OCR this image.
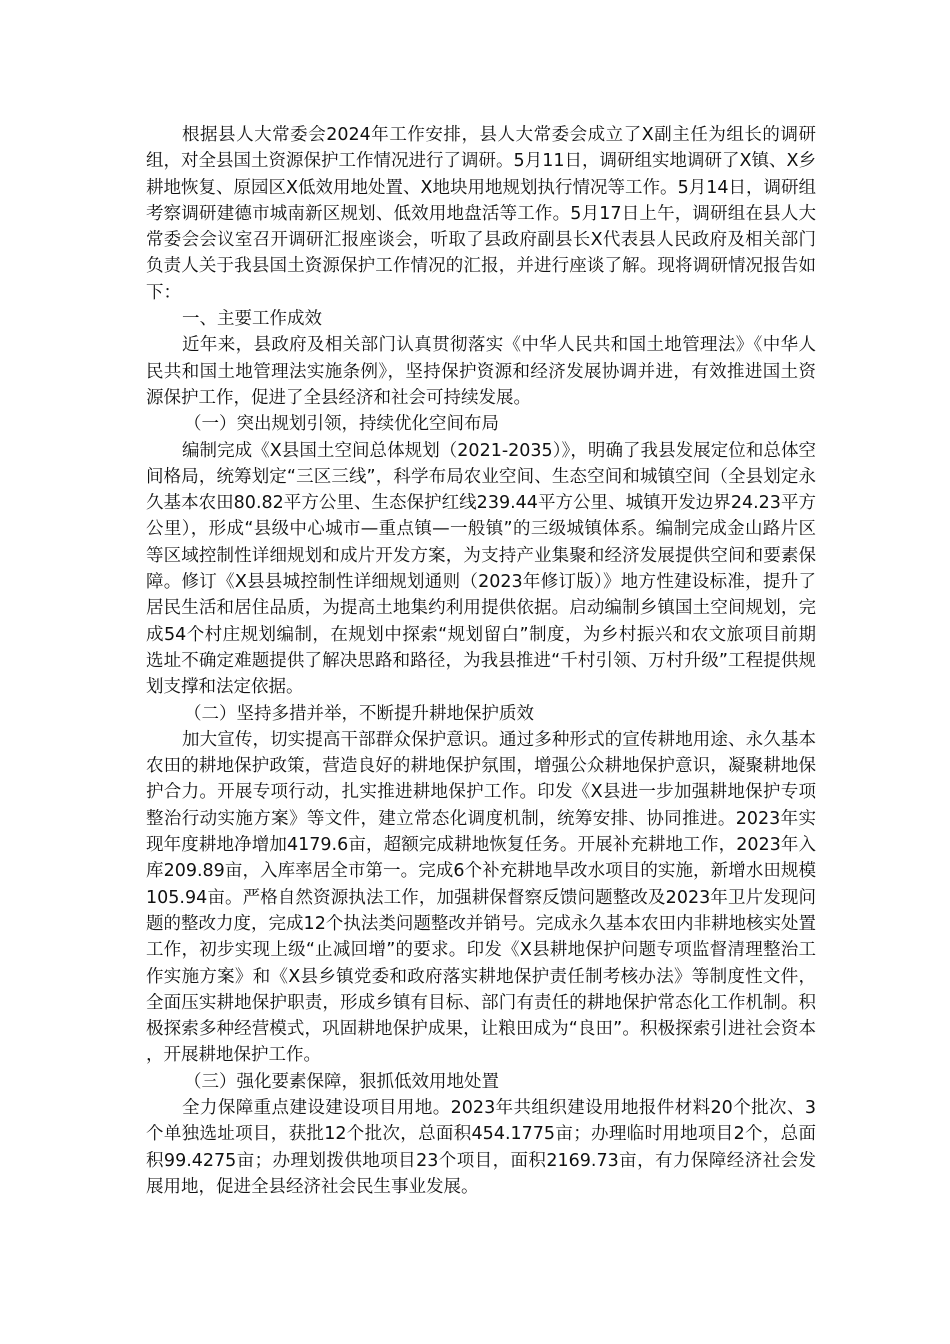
根据县人大常委会2024年工作安排，县人大常委会成立了X副主任为组长的调研组，对全县国土资源保护工作情况进行了调研。5月11日，调研组实地调研了X镇、X乡耕地恢复、原园区X低效用地处置、X地块用地规划执行情况等工作。5月14日，调研组考察调研建德市城南新区规划、低效用地盘活等工作。5月17日上午，调研组在县人大常委会会议室召开调研汇报座谈会，听取了县政府副县长X代表县人民政府及相关部门负责人关于我县国土资源保护工作情况的汇报，并进行座谈了解。现将调研情况报告如下：

一、主要工作成效

近年来，县政府及相关部门认真贯彻落实《中华人民共和国土地管理法》《中华人民共和国土地管理法实施条例》，坚持保护资源和经济发展协调并进，有效推进国土资源保护工作，促进了全县经济和社会可持续发展。

（一）突出规划引领，持续优化空间布局

编制完成《X县国土空间总体规划（2021-2035）》，明确了我县发展定位和总体空间格局，统筹划定“三区三线”，科学布局农业空间、生态空间和城镇空间（全县划定永久基本农田80.82平方公里、生态保护红线239.44平方公里、城镇开发边界24.23平方公里），形成“县级中心城市—重点镇—一般镇”的三级城镇体系。编制完成金山路片区等区域控制性详细规划和成片开发方案，为支持产业集聚和经济发展提供空间和要素保障。修订《X县县城控制性详细规划通则（2023年修订版）》地方性建设标准，提升了居民生活和居住品质，为提高土地集约利用提供依据。启动编制乡镇国土空间规划，完成54个村庄规划编制，在规划中探索“规划留白”制度，为乡村振兴和农文旅项目前期选址不确定难题提供了解决思路和路径，为我县推进“千村引领、万村升级”工程提供规划支撑和法定依据。

（二）坚持多措并举，不断提升耕地保护质效

加大宣传，切实提高干部群众保护意识。通过多种形式的宣传耕地用途、永久基本农田的耕地保护政策，营造良好的耕地保护氛围，增强公众耕地保护意识，凝聚耕地保护合力。开展专项行动，扎实推进耕地保护工作。印发《X县进一步加强耕地保护专项整治行动实施方案》等文件，建立常态化调度机制，统筹安排、协同推进。2023年实现年度耕地净增加4179.6亩，超额完成耕地恢复任务。开展补充耕地工作，2023年入库209.89亩，入库率居全市第一。完成6个补充耕地旱改水项目的实施，新增水田规模105.94亩。严格自然资源执法工作，加强耕保督察反馈问题整改及2023年卫片发现问题的整改力度，完成12个执法类问题整改并销号。完成永久基本农田内非耕地核实处置工作，初步实现上级“止减回增”的要求。印发《X县耕地保护问题专项监督清理整治工作实施方案》和《X县乡镇党委和政府落实耕地保护责任制考核办法》等制度性文件，全面压实耕地保护职责，形成乡镇有目标、部门有责任的耕地保护常态化工作机制。积极探索多种经营模式，巩固耕地保护成果，让粮田成为“良田”。积极探索引进社会资本，开展耕地保护工作。

（三）强化要素保障，狠抓低效用地处置

全力保障重点建设建设项目用地。2023年共组织建设用地报件材料20个批次、3个单独选址项目，获批12个批次，总面积454.1775亩；办理临时用地项目2个，总面积99.4275亩；办理划拨供地项目23个项目，面积2169.73亩，有力保障经济社会发展用地，促进全县经济社会民生事业发展。
